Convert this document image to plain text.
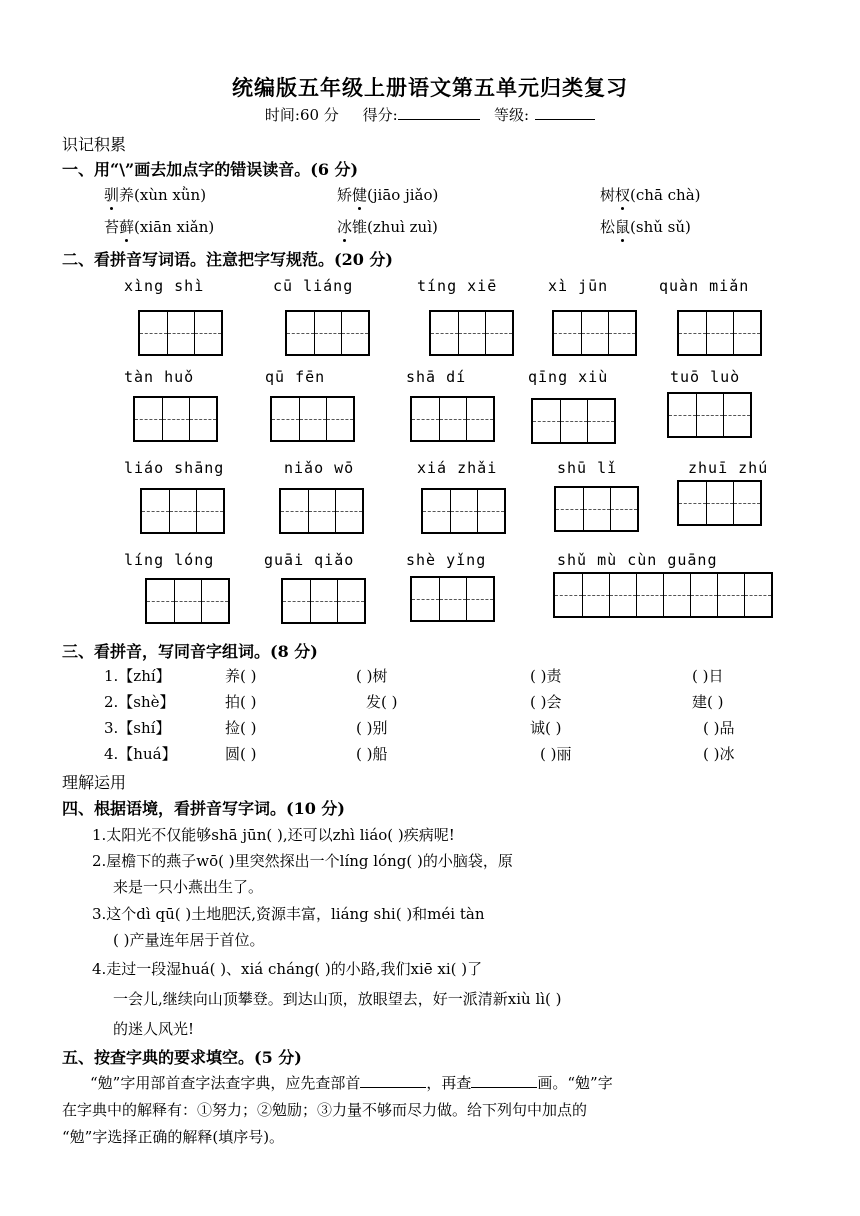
统编版五年级上册语文第五单元归类复习
时间:60 分 得分:	等级:
识记积累
一、用“\”画去加点字的错误读音。(6 分)
驯养(xùn xǜn)	矫健(jiāo jiǎo)	树杈(chā chà)
苔藓(xiān xiǎn)	冰锥(zhuì zuì)	松鼠(shǔ sǔ)
二、看拼音写词语。注意把字写规范。(20 分)
xìng shì	cū liáng	tíng xiē	xì jūn	quàn miǎn
tàn huǒ	qū fēn	shā dí	qīng xiù	tuō luò
liáo shāng	niǎo wō	xiá zhǎi	shū lǐ	zhuī zhú
líng lóng	guāi qiǎo	shè yǐng	shǔ mù cùn guāng
三、看拼音，写同音字组词。(8 分)
1.【zhí】	养( )	( )树	( )责	( )日
2.【shè】	拍( )	发( )	( )会	建( )
3.【shí】	捡( )	( )别	诚( )	( )品
4.【huá】	圆( )	( )船	( )丽	( )冰
理解运用
四、根据语境，看拼音写字词。(10 分)
1.太阳光不仅能够shā jūn( ),还可以zhì liáo( )疾病呢!
2.屋檐下的燕子wō( )里突然探出一个líng lóng( )的小脑袋，原
来是一只小燕出生了。
3.这个dì qū( )土地肥沃,资源丰富，liáng shi( )和méi tàn
( )产量连年居于首位。
4.走过一段湿huá( )、xiá cháng( )的小路,我们xiē xi( )了
一会儿,继续向山顶攀登。到达山顶，放眼望去，好一派清新xiù lì( )
的迷人风光!
五、按查字典的要求填空。(5 分)
“勉”字用部首查字法查字典，应先查部首	，再查	画。“勉”字
在字典中的解释有：①努力；②勉励；③力量不够而尽力做。给下列句中加点的
“勉”字选择正确的解释(填序号)。
